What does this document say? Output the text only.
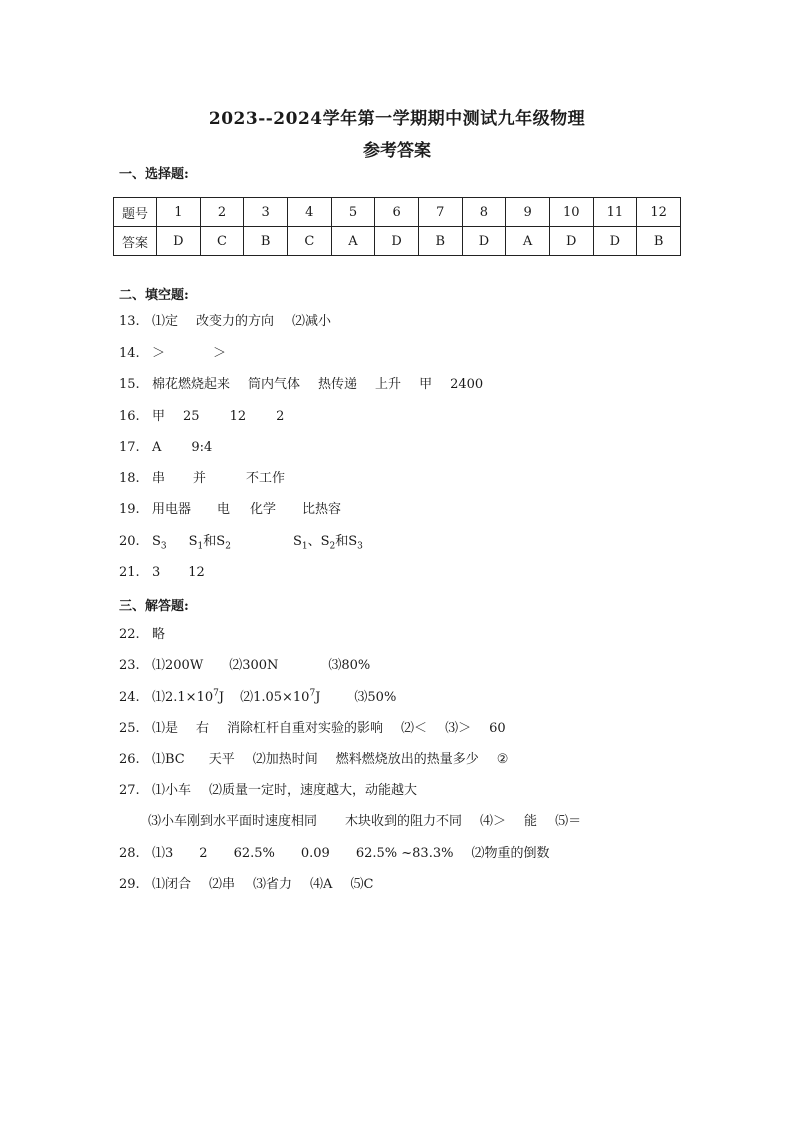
2023--2024学年第一学期期中测试九年级物理
参考答案
一、选择题:
题号	1	2	3	4	5	6	7	8	9	10	11	12
答案	D	C	B	C	A	D	B	D	A	D	D	B
二、填空题:
13. ⑴定 改变力的方向 ⑵减小
14. ＞	＞
15. 棉花燃烧起来 筒内气体 热传递 上升 甲 2400
16. 甲 25 12 2
17. A 9:4
18. 串 并	不工作
19. 用电器 电 化学 比热容
20. $S_3$ $S_1$和$S_2$	$S_1$、$S_2$和$S_3$
21. 3 12
三、解答题:
22. 略
23. ⑴200W ⑵300N	⑶80%
24. $⑴2.1\times 10^7J$ $⑵1.05\times 10^7J$	⑶50%
25. ⑴是 右 消除杠杆自重对实验的影响 ⑵＜ ⑶＞ 60
26. ⑴BC 天平 ⑵加热时间 燃料燃烧放出的热量多少 ②
27. ⑴小车 ⑵质量一定时，速度越大，动能越大
⑶小车刚到水平面时速度相同 木块收到的阻力不同 ⑷＞ 能 ⑸＝
28. ⑴3 2 62.5% 0.09 62.5% ~83.3% ⑵物重的倒数
29. ⑴闭合 ⑵串 ⑶省力 ⑷A ⑸C
